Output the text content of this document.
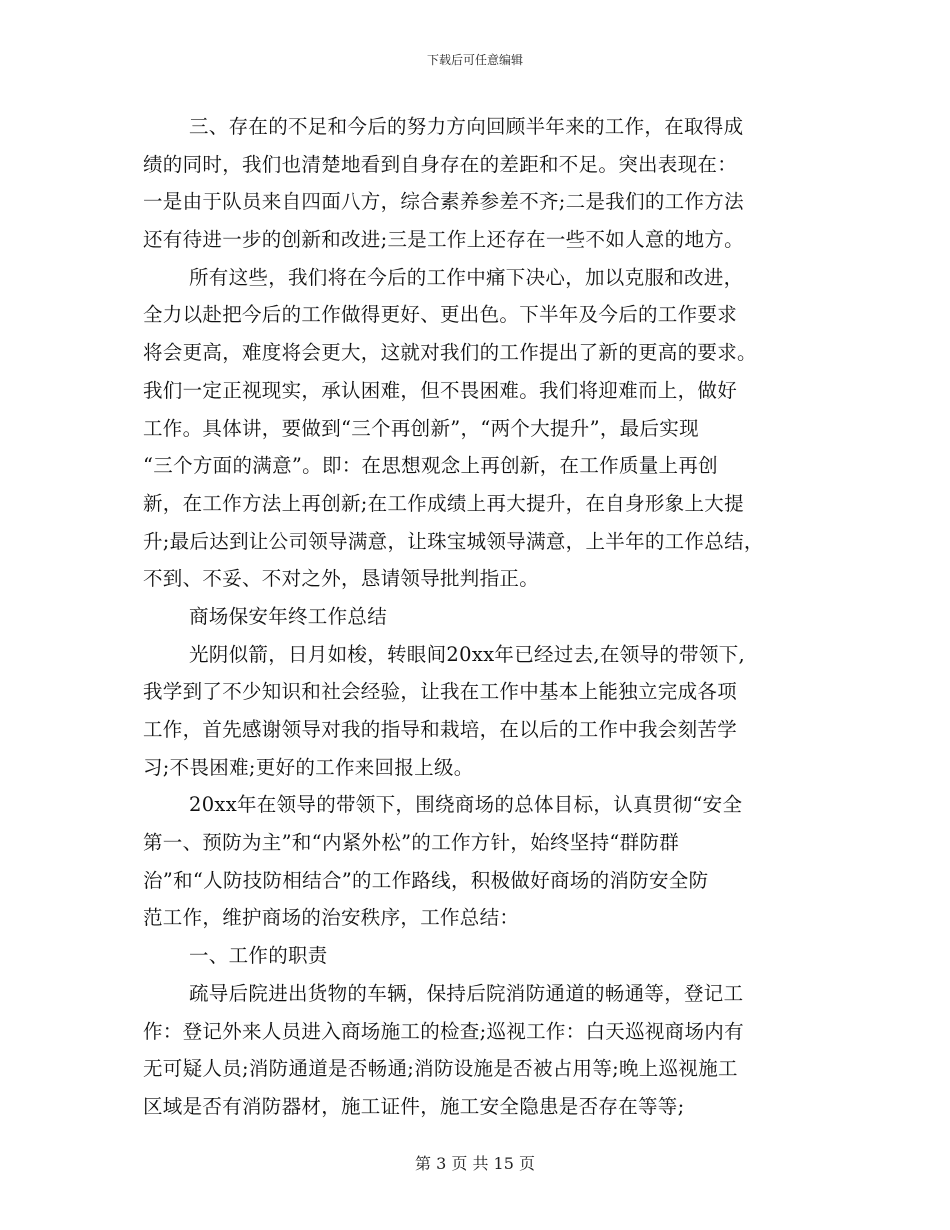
下载后可任意编辑
三、存在的不足和今后的努力方向回顾半年来的工作，在取得成
绩的同时，我们也清楚地看到自身存在的差距和不足。突出表现在：
一是由于队员来自四面八方，综合素养参差不齐;二是我们的工作方法
还有待进一步的创新和改进;三是工作上还存在一些不如人意的地方。
所有这些，我们将在今后的工作中痛下决心，加以克服和改进，
全力以赴把今后的工作做得更好、更出色。下半年及今后的工作要求
将会更高，难度将会更大，这就对我们的工作提出了新的更高的要求。
我们一定正视现实，承认困难，但不畏困难。我们将迎难而上，做好
工作。具体讲，要做到“三个再创新”，“两个大提升”，最后实现
“三个方面的满意”。即：在思想观念上再创新，在工作质量上再创
新，在工作方法上再创新;在工作成绩上再大提升，在自身形象上大提
升;最后达到让公司领导满意，让珠宝城领导满意，上半年的工作总结，
不到、不妥、不对之外，恳请领导批判指正。
商场保安年终工作总结
光阴似箭，日月如梭，转眼间20xx年已经过去,在领导的带领下,
我学到了不少知识和社会经验，让我在工作中基本上能独立完成各项
工作，首先感谢领导对我的指导和栽培，在以后的工作中我会刻苦学
习;不畏困难;更好的工作来回报上级。
20xx年在领导的带领下，围绕商场的总体目标，认真贯彻“安全
第一、预防为主”和“内紧外松”的工作方针，始终坚持“群防群
治”和“人防技防相结合”的工作路线，积极做好商场的消防安全防
范工作，维护商场的治安秩序，工作总结：
一、工作的职责
疏导后院进出货物的车辆，保持后院消防通道的畅通等，登记工
作：登记外来人员进入商场施工的检查;巡视工作：白天巡视商场内有
无可疑人员;消防通道是否畅通;消防设施是否被占用等;晚上巡视施工
区域是否有消防器材，施工证件，施工安全隐患是否存在等等;
第 3 页 共 15 页
